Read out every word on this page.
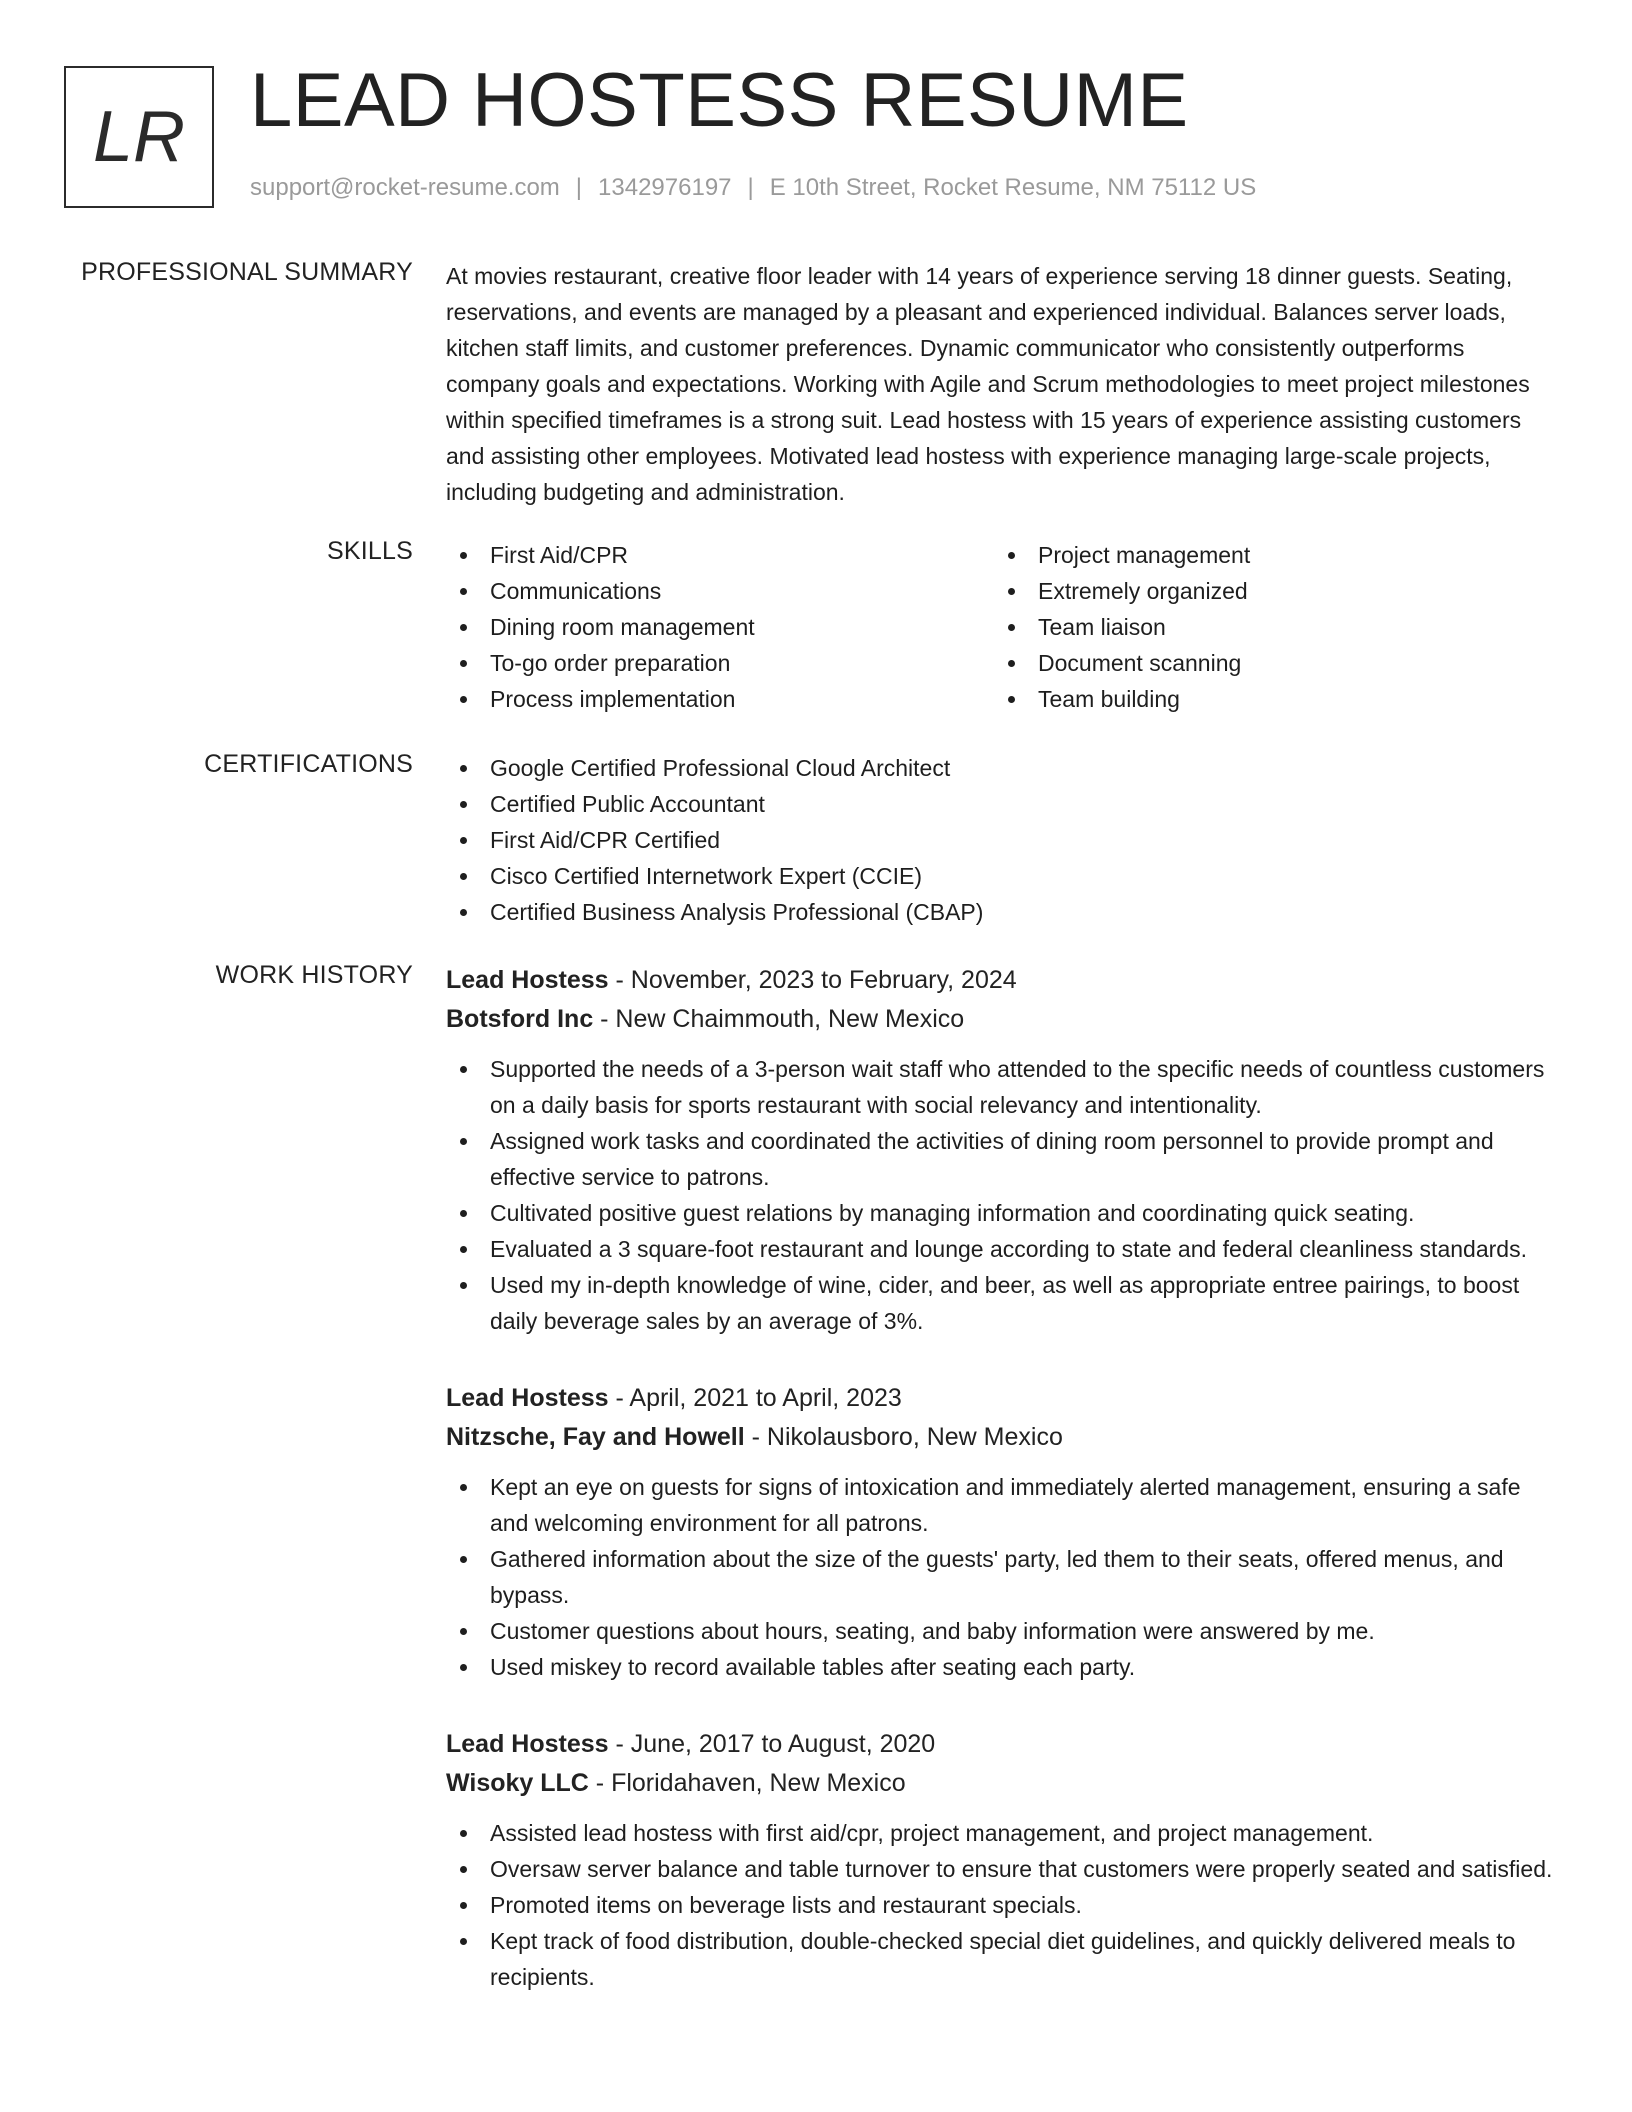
LR LEAD HOSTESS RESUME
support@rocket-resume.com | 1342976197 | E 10th Street, Rocket Resume, NM 75112 US
PROFESSIONAL SUMMARY At movies restaurant, creative floor leader with 14 years of experience serving 18 dinner guests. Seating, reservations, and events are managed by a pleasant and experienced individual. Balances server loads, kitchen staff limits, and customer preferences. Dynamic communicator who consistently outperforms company goals and expectations. Working with Agile and Scrum methodologies to meet project milestones within specified timeframes is a strong suit. Lead hostess with 15 years of experience assisting customers and assisting other employees. Motivated lead hostess with experience managing large-scale projects, including budgeting and administration.

SKILLS	First Aid/CPR
Communications
Dining room management
To-go order preparation
Process implementation
Project management
Extremely organized
Team liaison
Document scanning
Team building
CERTIFICATIONS	Google Certified Professional Cloud Architect
Certified Public Accountant
First Aid/CPR Certified
Cisco Certified Internetwork Expert (CCIE)
Certified Business Analysis Professional (CBAP)
WORK HISTORY Lead Hostess - November, 2023 to February, 2024
Botsford Inc - New Chaimmouth, New Mexico
Supported the needs of a 3-person wait staff who attended to the specific needs of countless customers on a daily basis for sports restaurant with social relevancy and intentionality.
Assigned work tasks and coordinated the activities of dining room personnel to provide prompt and effective service to patrons.
Cultivated positive guest relations by managing information and coordinating quick seating.
Evaluated a 3 square-foot restaurant and lounge according to state and federal cleanliness standards.
Used my in-depth knowledge of wine, cider, and beer, as well as appropriate entree pairings, to boost daily beverage sales by an average of 3%.
Lead Hostess - April, 2021 to April, 2023
Nitzsche, Fay and Howell - Nikolausboro, New Mexico
Kept an eye on guests for signs of intoxication and immediately alerted management, ensuring a safe and welcoming environment for all patrons.
Gathered information about the size of the guests' party, led them to their seats, offered menus, and bypass.
Customer questions about hours, seating, and baby information were answered by me.
Used miskey to record available tables after seating each party.
Lead Hostess - June, 2017 to August, 2020
Wisoky LLC - Floridahaven, New Mexico
Assisted lead hostess with first aid/cpr, project management, and project management.
Oversaw server balance and table turnover to ensure that customers were properly seated and satisfied.
Promoted items on beverage lists and restaurant specials.
Kept track of food distribution, double-checked special diet guidelines, and quickly delivered meals to recipients.
